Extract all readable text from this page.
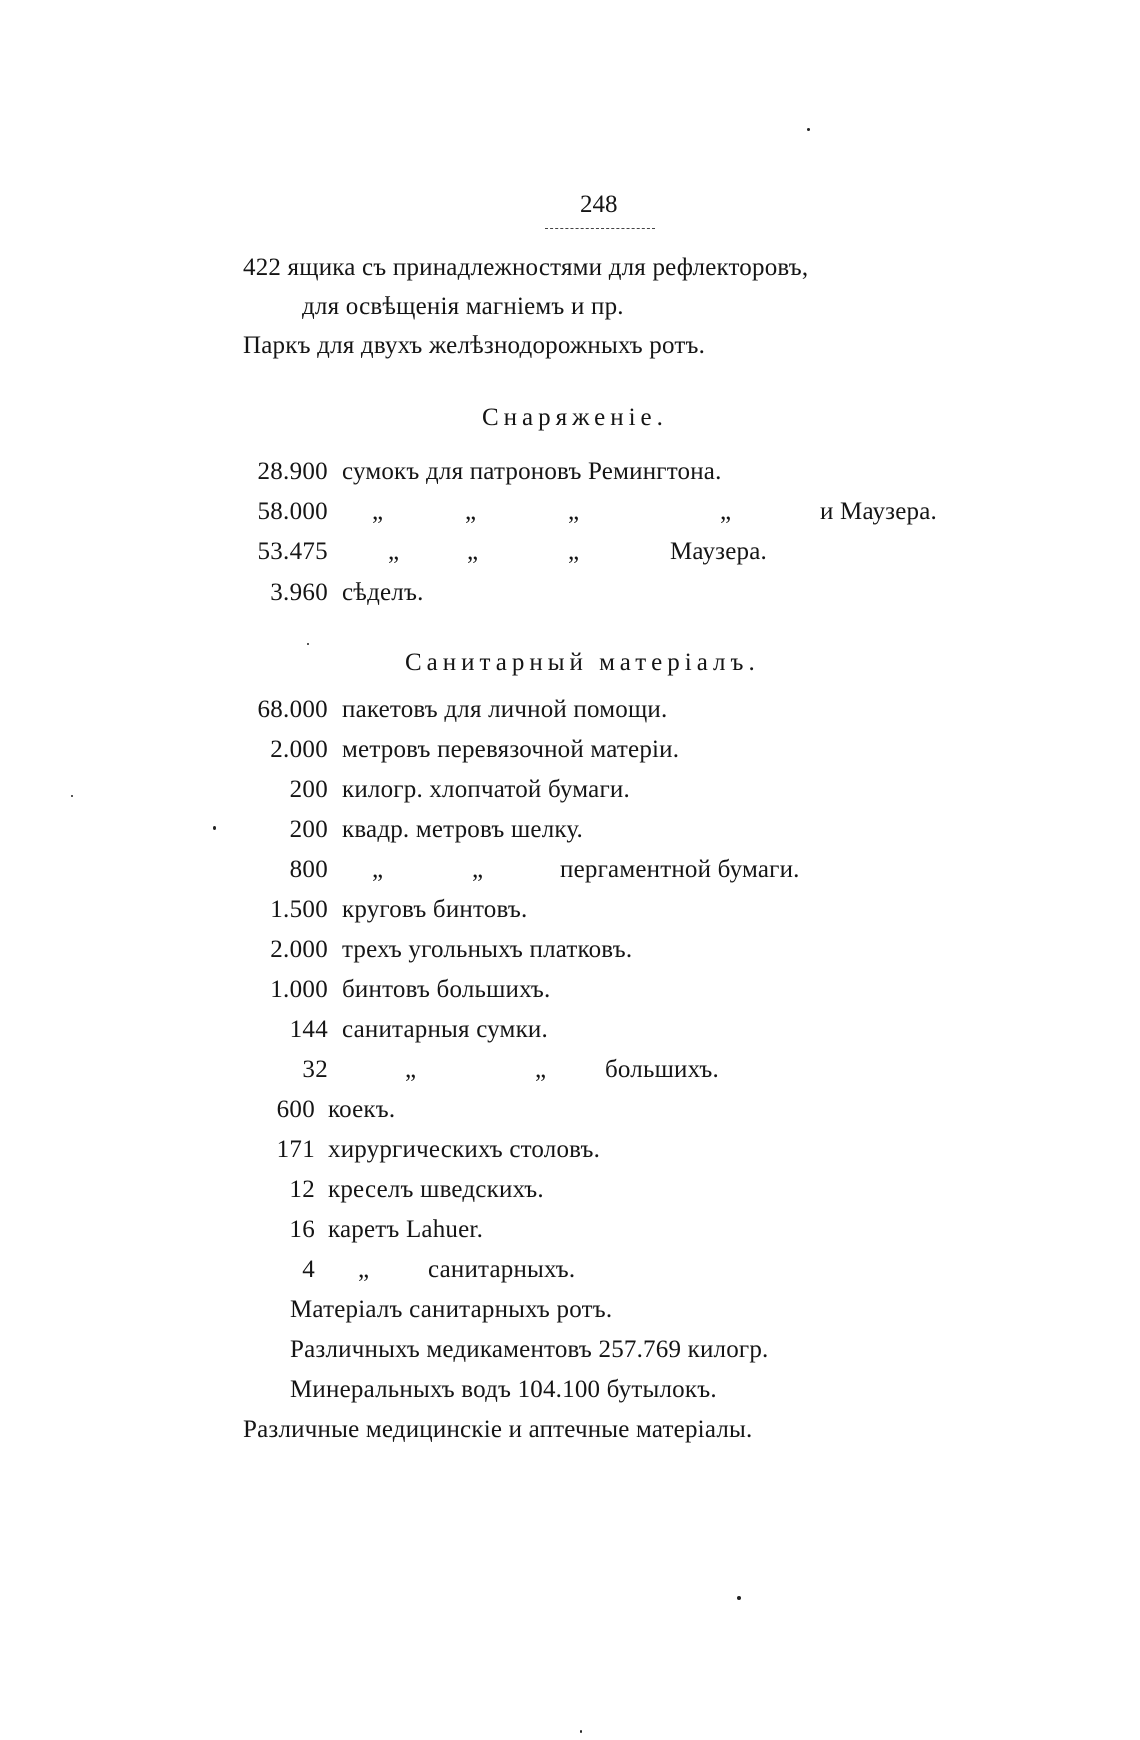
248
422 ящика съ принадлежностями для рефлекторовъ,
для освѣщенія магніемъ и пр.
Паркъ для двухъ желѣзнодорожныхъ ротъ.
Снаряженіе.
28.900 сумокъ для патроновъ Ремингтона.
58.000 „	„	„	„	и Маузера.
53.475 „	„	„	Маузера.
3.960 сѣделъ.
Санитарный матеріалъ.
68.000 пакетовъ для личной помощи.
2.000 метровъ перевязочной матеріи.
200 килогр. хлопчатой бумаги.
200 квадр. метровъ шелку.
800 „	„	пергаментной бумаги.
1.500 круговъ бинтовъ.
2.000 трехъ угольныхъ платковъ.
1.000 бинтовъ большихъ.
144 санитарныя сумки.
32	„	„ большихъ.
600 коекъ.
171 хирургическихъ столовъ.
12 креселъ шведскихъ.
16 каретъ Lahuer.
4 „ санитарныхъ.
Матеріалъ санитарныхъ ротъ.
Различныхъ медикаментовъ 257.769 килогр.
Минеральныхъ водъ 104.100 бутылокъ.
Различные медицинскіе и аптечные матеріалы.
